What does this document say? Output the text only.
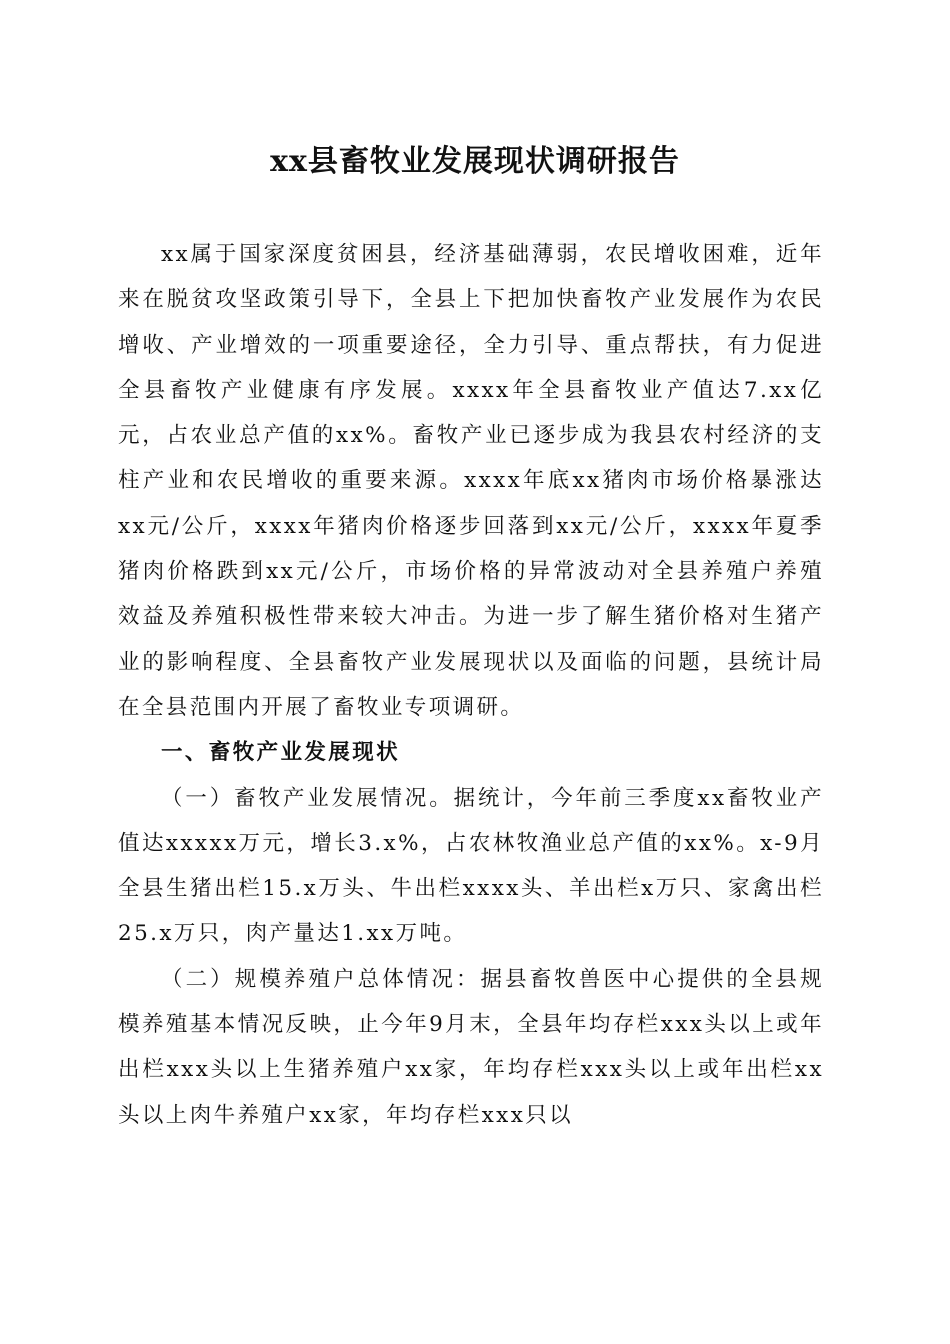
xx县畜牧业发展现状调研报告

xx属于国家深度贫困县，经济基础薄弱，农民增收困难，近年来在脱贫攻坚政策引导下，全县上下把加快畜牧产业发展作为农民增收、产业增效的一项重要途径，全力引导、重点帮扶，有力促进全县畜牧产业健康有序发展。xxxx年全县畜牧业产值达7.xx亿元，占农业总产值的xx%。畜牧产业已逐步成为我县农村经济的支柱产业和农民增收的重要来源。xxxx年底xx猪肉市场价格暴涨达xx元/公斤，xxxx年猪肉价格逐步回落到xx元/公斤，xxxx年夏季猪肉价格跌到xx元/公斤，市场价格的异常波动对全县养殖户养殖效益及养殖积极性带来较大冲击。为进一步了解生猪价格对生猪产业的影响程度、全县畜牧产业发展现状以及面临的问题，县统计局在全县范围内开展了畜牧业专项调研。

一、畜牧产业发展现状

（一）畜牧产业发展情况。据统计，今年前三季度xx畜牧业产值达xxxxx万元，增长3.x%，占农林牧渔业总产值的xx%。x-9月全县生猪出栏15.x万头、牛出栏xxxx头、羊出栏x万只、家禽出栏25.x万只，肉产量达1.xx万吨。

（二）规模养殖户总体情况：据县畜牧兽医中心提供的全县规模养殖基本情况反映，止今年9月末，全县年均存栏xxx头以上或年出栏xxx头以上生猪养殖户xx家，年均存栏xxx头以上或年出栏xx头以上肉牛养殖户xx家，年均存栏xxx只以
